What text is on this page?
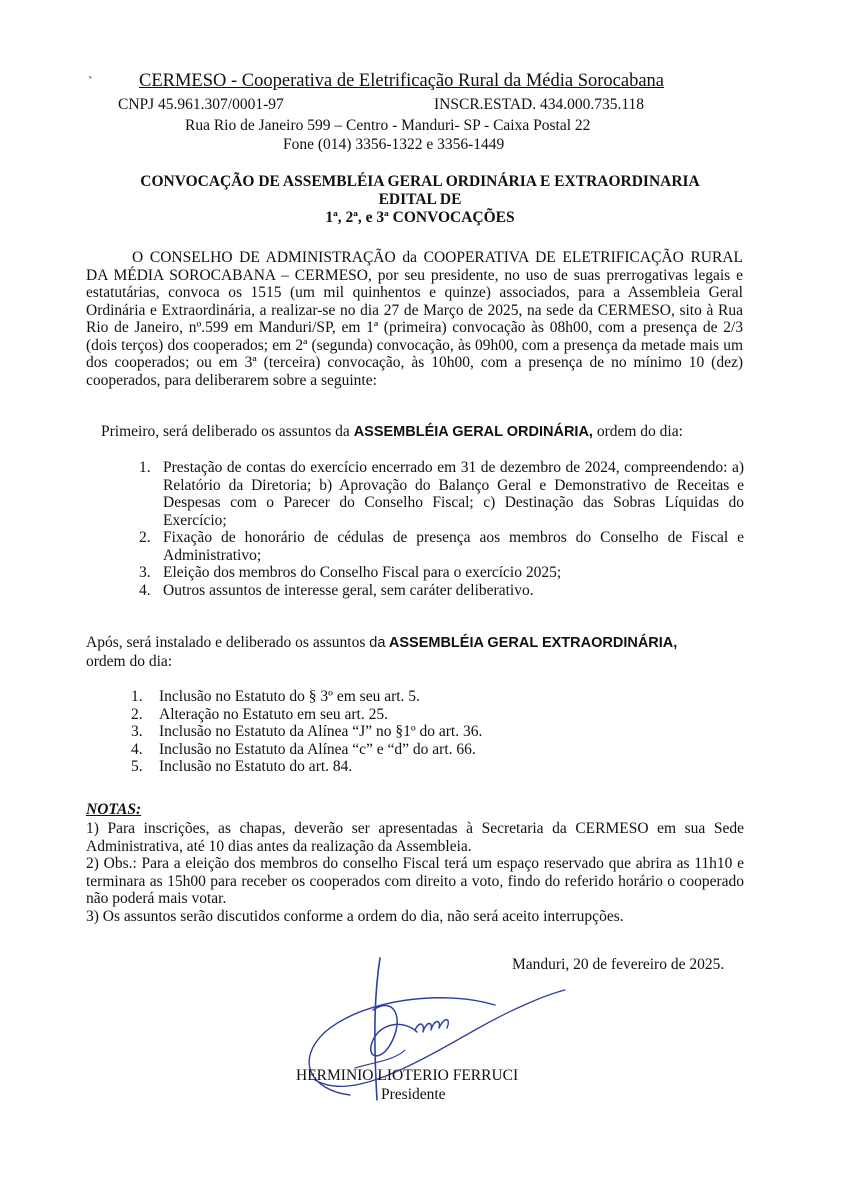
`	CERMESO - Cooperativa de Eletrificação Rural da Média Sorocabana
CNPJ 45.961.307/0001-97	INSCR.ESTAD. 434.000.735.118
Rua Rio de Janeiro 599 – Centro - Manduri- SP - Caixa Postal 22
Fone (014) 3356-1322 e 3356-1449
CONVOCAÇÃO DE ASSEMBLÉIA GERAL ORDINÁRIA E EXTRAORDINARIA
EDITAL DE
1ª, 2ª, e 3ª CONVOCAÇÕES
O CONSELHO DE ADMINISTRAÇÃO da COOPERATIVA DE ELETRIFICAÇÃO RURAL DA MÉDIA SOROCABANA – CERMESO, por seu presidente, no uso de suas prerrogativas legais e estatutárias, convoca os 1515 (um mil quinhentos e quinze) associados, para a Assembleia Geral Ordinária e Extraordinária, a realizar-se no dia 27 de Março de 2025, na sede da CERMESO, sito à Rua Rio de Janeiro, nº.599 em Manduri/SP, em 1ª (primeira) convocação às 08h00, com a presença de 2/3 (dois terços) dos cooperados; em 2ª (segunda) convocação, às 09h00, com a presença da metade mais um dos cooperados; ou em 3ª (terceira) convocação, às 10h00, com a presença de no mínimo 10 (dez) cooperados, para deliberarem sobre a seguinte:
Primeiro, será deliberado os assuntos da ASSEMBLÉIA GERAL ORDINÁRIA, ordem do dia:
1. Prestação de contas do exercício encerrado em 31 de dezembro de 2024, compreendendo: a) Relatório da Diretoria; b) Aprovação do Balanço Geral e Demonstrativo de Receitas e Despesas com o Parecer do Conselho Fiscal; c) Destinação das Sobras Líquidas do Exercício;
2. Fixação de honorário de cédulas de presença aos membros do Conselho de Fiscal e Administrativo;
3. Eleição dos membros do Conselho Fiscal para o exercício 2025;
4. Outros assuntos de interesse geral, sem caráter deliberativo.
Após, será instalado e deliberado os assuntos da ASSEMBLÉIA GERAL EXTRAORDINÁRIA,
ordem do dia:
1.	Inclusão no Estatuto do § 3º em seu art. 5.
2.	Alteração no Estatuto em seu art. 25.
3.	Inclusão no Estatuto da Alínea “J” no §1º do art. 36.
4.	Inclusão no Estatuto da Alínea “c” e “d” do art. 66.
5.	Inclusão no Estatuto do art. 84.
NOTAS:

1) Para inscrições, as chapas, deverão ser apresentadas à Secretaria da CERMESO em sua Sede Administrativa, até 10 dias antes da realização da Assembleia.

2) Obs.: Para a eleição dos membros do conselho Fiscal terá um espaço reservado que abrira as 11h10 e terminara as 15h00 para receber os cooperados com direito a voto, findo do referido horário o cooperado não poderá mais votar.

3) Os assuntos serão discutidos conforme a ordem do dia, não será aceito interrupções.

Manduri, 20 de fevereiro de 2025.
HERMINIO LIOTERIO FERRUCI
Presidente
